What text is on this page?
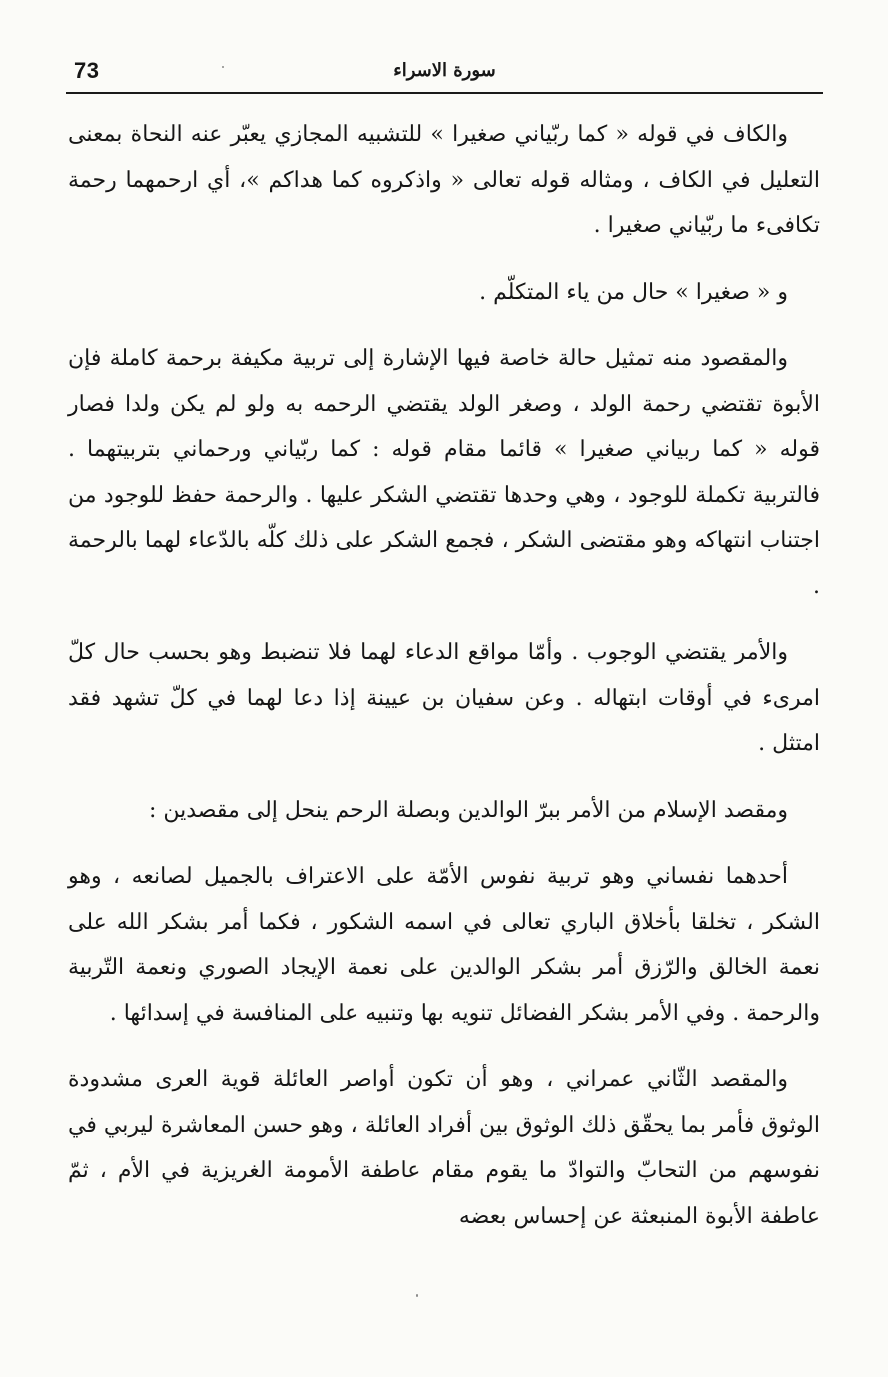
73	سورة الاسراء

والكاف في قوله « كما ربّياني صغيرا » للتشبيه المجازي يعبّر عنه النحاة بمعنى التعليل في الكاف ، ومثاله قوله تعالى « واذكروه كما هداكم »، أي ارحمهما رحمة تكافىء ما ربّياني صغيرا .

و « صغيرا » حال من ياء المتكلّم .

والمقصود منه تمثيل حالة خاصة فيها الإشارة إلى تربية مكيفة برحمة كاملة فإن الأبوة تقتضي رحمة الولد ، وصغر الولد يقتضي الرحمه به ولو لم يكن ولدا فصار قوله « كما ربياني صغيرا » قائما مقام قوله : كما ربّياني ورحماني بتربيتهما . فالتربية تكملة للوجود ، وهي وحدها تقتضي الشكر عليها . والرحمة حفظ للوجود من اجتناب انتهاكه وهو مقتضى الشكر ، فجمع الشكر على ذلك كلّه بالدّعاء لهما بالرحمة .

والأمر يقتضي الوجوب . وأمّا مواقع الدعاء لهما فلا تنضبط وهو بحسب حال كلّ امرىء في أوقات ابتهاله . وعن سفيان بن عيينة إذا دعا لهما في كلّ تشهد فقد امتثل .

ومقصد الإسلام من الأمر ببرّ الوالدين وبصلة الرحم ينحل إلى مقصدين :

أحدهما نفساني وهو تربية نفوس الأمّة على الاعتراف بالجميل لصانعه ، وهو الشكر ، تخلقا بأخلاق الباري تعالى في اسمه الشكور ، فكما أمر بشكر الله على نعمة الخالق والرّزق أمر بشكر الوالدين على نعمة الإيجاد الصوري ونعمة التّربية والرحمة . وفي الأمر بشكر الفضائل تنويه بها وتنبيه على المنافسة في إسدائها .

والمقصد الثّاني عمراني ، وهو أن تكون أواصر العائلة قوية العرى مشدودة الوثوق فأمر بما يحقّق ذلك الوثوق بين أفراد العائلة ، وهو حسن المعاشرة ليربي في نفوسهم من التحابّ والتوادّ ما يقوم مقام عاطفة الأمومة الغريزية في الأم ، ثمّ عاطفة الأبوة المنبعثة عن إحساس بعضه
